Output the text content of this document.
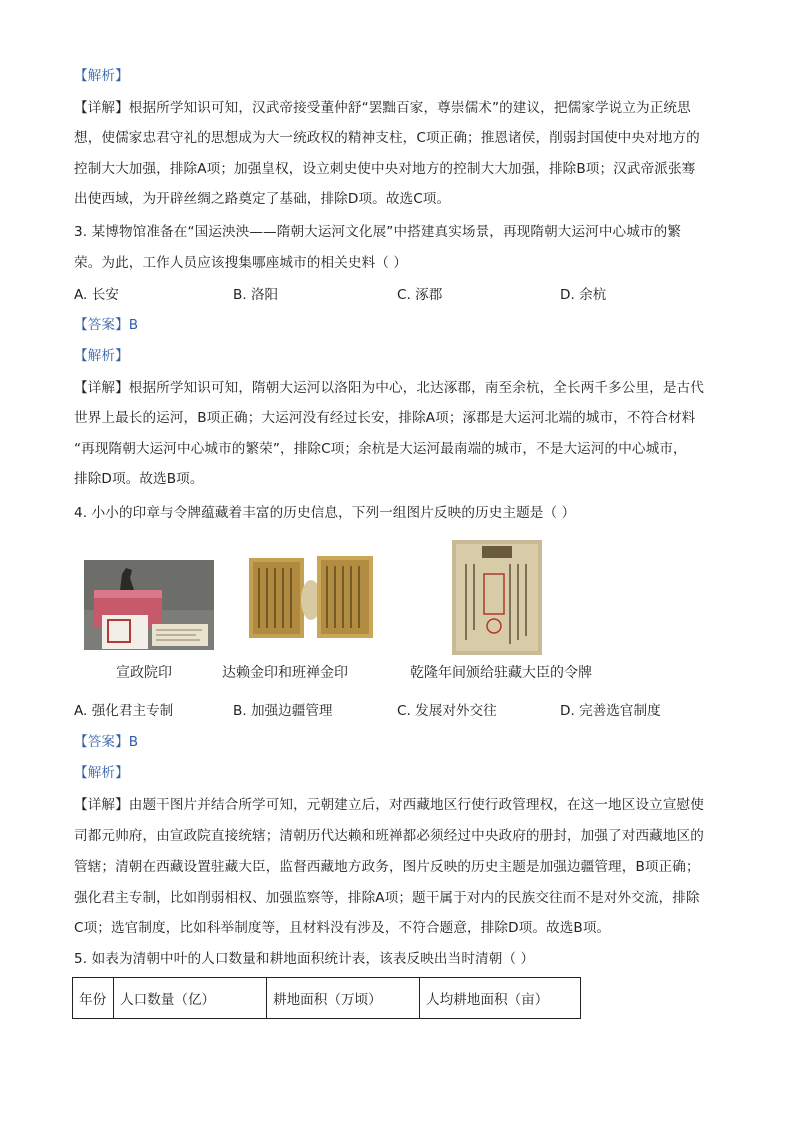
【解析】
【详解】根据所学知识可知，汉武帝接受董仲舒“罢黜百家，尊崇儒术”的建议，把儒家学说立为正统思
想，使儒家忠君守礼的思想成为大一统政权的精神支柱，C项正确；推恩诸侯，削弱封国使中央对地方的
控制大大加强，排除A项；加强皇权，设立刺史使中央对地方的控制大大加强，排除B项；汉武帝派张骞
出使西域，为开辟丝绸之路奠定了基础，排除D项。故选C项。
3. 某博物馆准备在“国运泱泱——隋朝大运河文化展”中搭建真实场景，再现隋朝大运河中心城市的繁
荣。为此，工作人员应该搜集哪座城市的相关史料（ ）
A. 长安	B. 洛阳	C. 涿郡	D. 余杭
【答案】B
【解析】
【详解】根据所学知识可知，隋朝大运河以洛阳为中心，北达涿郡，南至余杭，全长两千多公里，是古代
世界上最长的运河，B项正确；大运河没有经过长安，排除A项；涿郡是大运河北端的城市，不符合材料
“再现隋朝大运河中心城市的繁荣”，排除C项；余杭是大运河最南端的城市，不是大运河的中心城市，
排除D项。故选B项。
4. 小小的印章与令牌蕴藏着丰富的历史信息，下列一组图片反映的历史主题是（ ）
宣政院印	达赖金印和班禅金印	乾隆年间颁给驻藏大臣的令牌
A. 强化君主专制	B. 加强边疆管理	C. 发展对外交往	D. 完善选官制度
【答案】B
【解析】
【详解】由题干图片并结合所学可知，元朝建立后，对西藏地区行使行政管理权，在这一地区设立宣慰使
司都元帅府，由宣政院直接统辖；清朝历代达赖和班禅都必须经过中央政府的册封，加强了对西藏地区的
管辖；清朝在西藏设置驻藏大臣，监督西藏地方政务，图片反映的历史主题是加强边疆管理，B项正确；
强化君主专制，比如削弱相权、加强监察等，排除A项；题干属于对内的民族交往而不是对外交流，排除
C项；选官制度，比如科举制度等，且材料没有涉及，不符合题意，排除D项。故选B项。
5. 如表为清朝中叶的人口数量和耕地面积统计表，该表反映出当时清朝（ ）
年份	人口数量（亿）	耕地面积（万顷）	人均耕地面积（亩）
